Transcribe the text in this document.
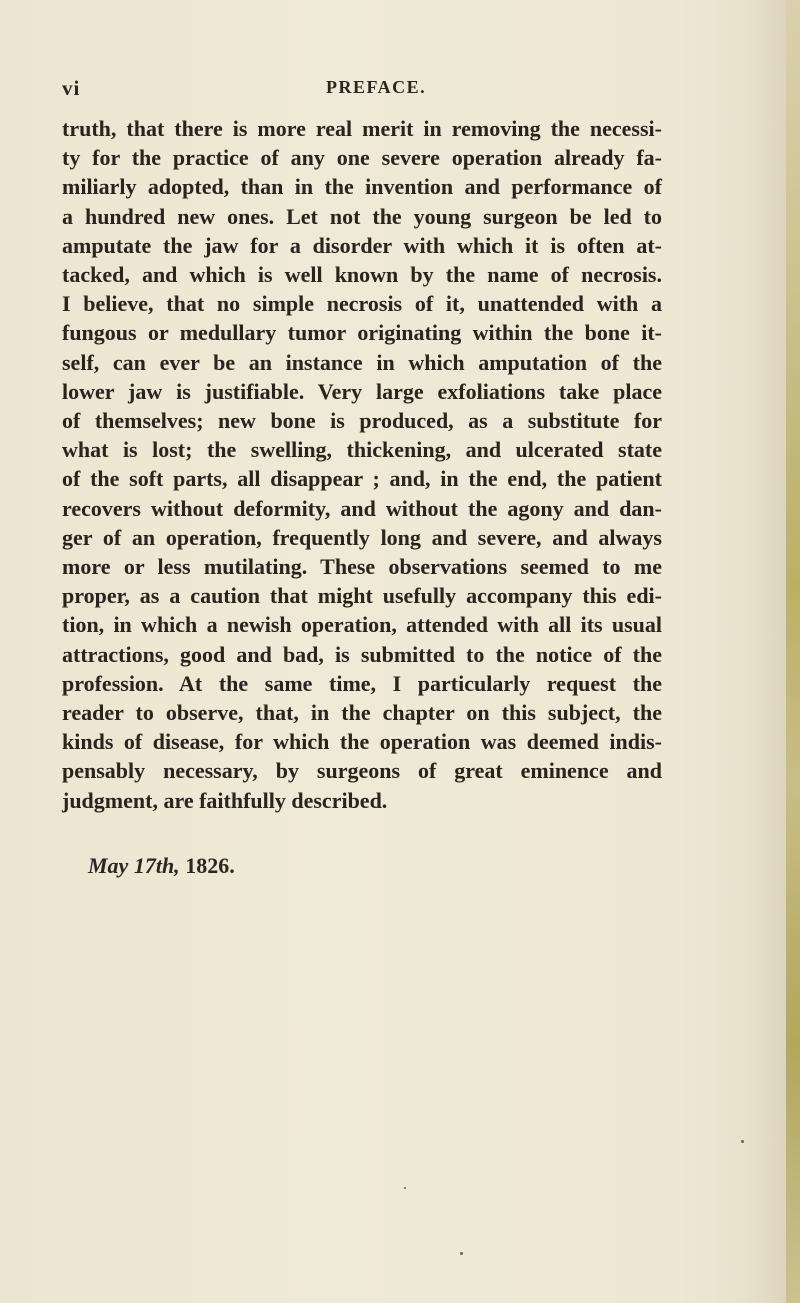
vi	PREFACE.
truth, that there is more real merit in removing the necessi-
ty for the practice of any one severe operation already fa-
miliarly adopted, than in the invention and performance of
a hundred new ones. Let not the young surgeon be led to
amputate the jaw for a disorder with which it is often at-
tacked, and which is well known by the name of necrosis.
I believe, that no simple necrosis of it, unattended with a
fungous or medullary tumor originating within the bone it-
self, can ever be an instance in which amputation of the
lower jaw is justifiable. Very large exfoliations take place
of themselves; new bone is produced, as a substitute for
what is lost; the swelling, thickening, and ulcerated state
of the soft parts, all disappear ; and, in the end, the patient
recovers without deformity, and without the agony and dan-
ger of an operation, frequently long and severe, and always
more or less mutilating. These observations seemed to me
proper, as a caution that might usefully accompany this edi-
tion, in which a newish operation, attended with all its usual
attractions, good and bad, is submitted to the notice of the
profession. At the same time, I particularly request the
reader to observe, that, in the chapter on this subject, the
kinds of disease, for which the operation was deemed indis-
pensably necessary, by surgeons of great eminence and
judgment, are faithfully described.
May 17th, 1826.
